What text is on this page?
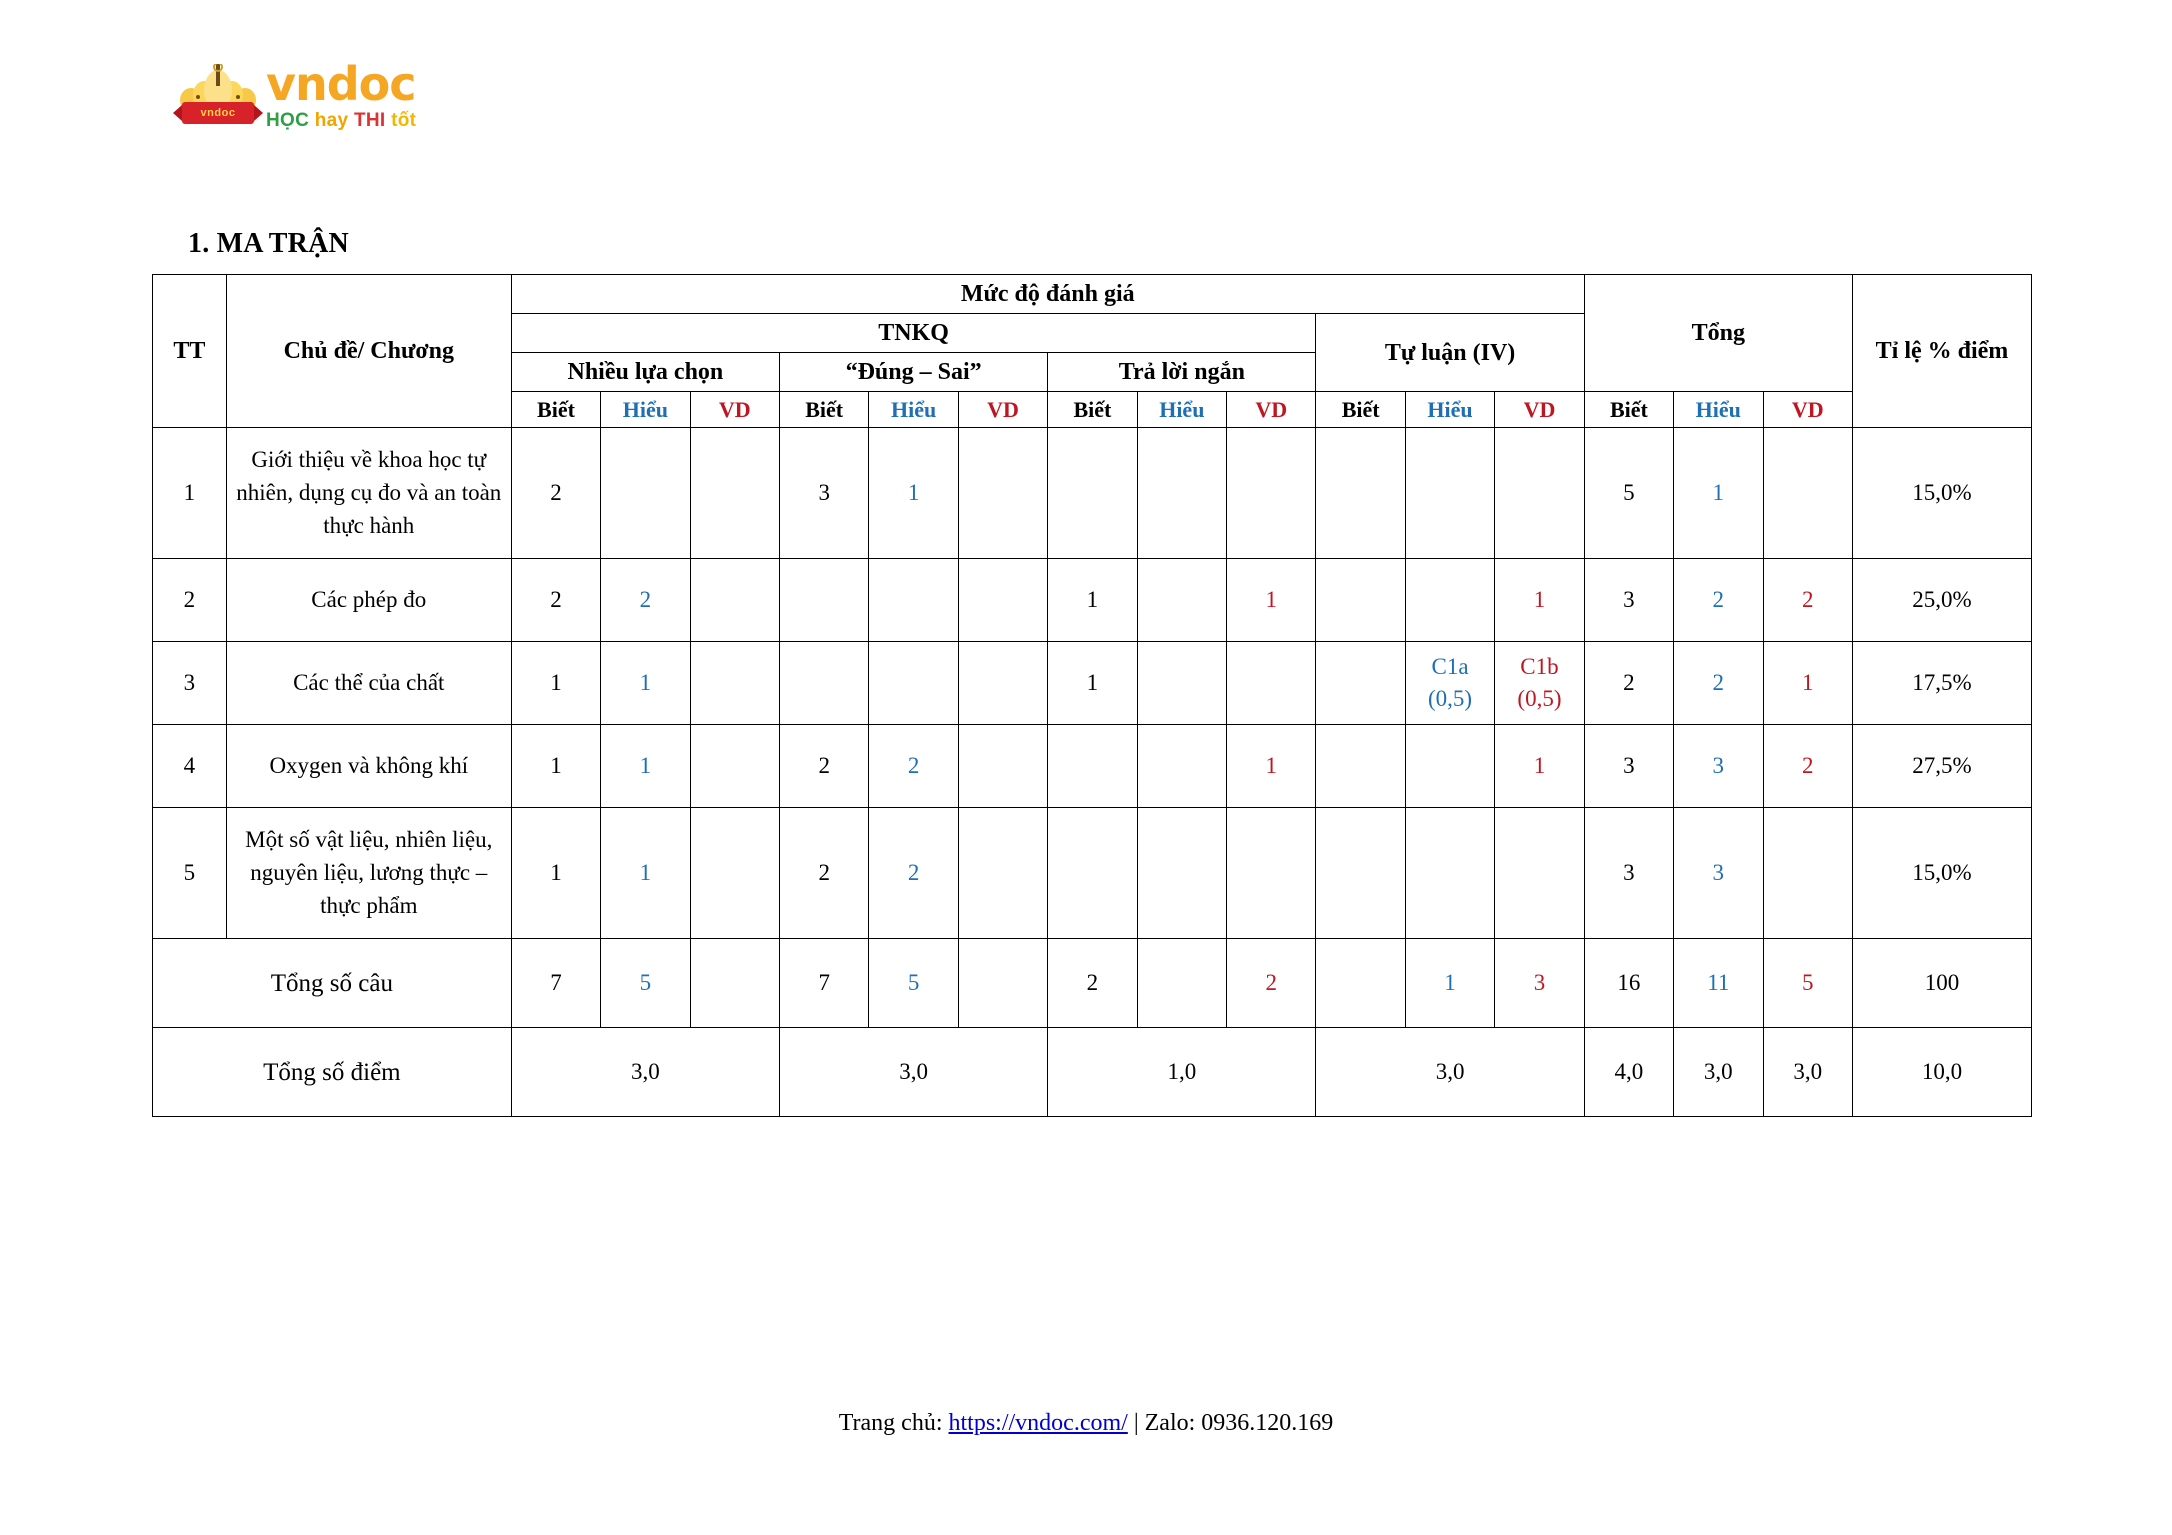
vndoc
vndoc
HỌC hay THI tốt
1. MA TRẬN
TT	Chủ đề/ Chương	Mức độ đánh giá												Tổng			Tỉ lệ % điểm
		TNKQ									Tự luận (IV)						
		Nhiều lựa chọn			“Đúng – Sai”			Trả lời ngắn									
		Biết	Hiểu	VD	Biết	Hiểu	VD	Biết	Hiểu	VD	Biết	Hiểu	VD	Biết	Hiểu	VD	
1	Giới thiệu về khoa học tự nhiên, dụng cụ đo và an toàn thực hành	2			3	1								5	1		15,0%
2	Các phép đo	2	2					1		1			1	3	2	2	25,0%
3	Các thể của chất	1	1					1				C1a
(0,5)	C1b
(0,5)	2	2	1	17,5%
4	Oxygen và không khí	1	1		2	2				1			1	3	3	2	27,5%
5	Một số vật liệu, nhiên liệu, nguyên liệu, lương thực – thực phẩm	1	1		2	2								3	3		15,0%
Tổng số câu		7	5		7	5		2		2		1	3	16	11	5	100
Tổng số điểm		3,0			3,0			1,0			3,0			4,0	3,0	3,0	10,0
Trang chủ: https://vndoc.com/ | Zalo: 0936.120.169
